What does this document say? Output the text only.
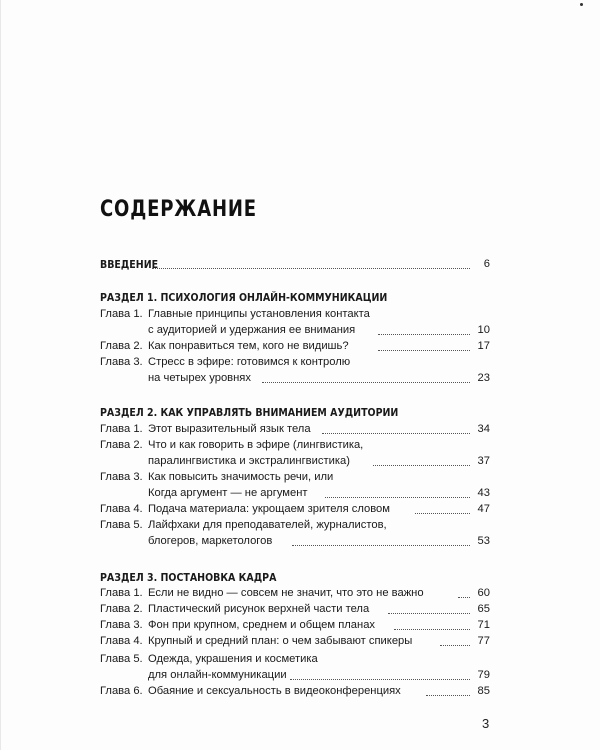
СОДЕРЖАНИЕ
ВВЕДЕНИЕ	6
РАЗДЕЛ 1. ПСИХОЛОГИЯ ОНЛАЙН-КОММУНИКАЦИИ
Глава 1. Главные принципы установления контакта
с аудиторией и удержания ее внимания	10
Глава 2. Как понравиться тем, кого не видишь?	17
Глава 3. Стресс в эфире: готовимся к контролю
на четырех уровнях	23
РАЗДЕЛ 2. КАК УПРАВЛЯТЬ ВНИМАНИЕМ АУДИТОРИИ
Глава 1. Этот выразительный язык тела	34
Глава 2. Что и как говорить в эфире (лингвистика,
паралингвистика и экстралингвистика)	37
Глава 3. Как повысить значимость речи, или
Когда аргумент — не аргумент	43
Глава 4. Подача материала: укрощаем зрителя словом	47
Глава 5. Лайфхаки для преподавателей, журналистов,
блогеров, маркетологов	53
РАЗДЕЛ 3. ПОСТАНОВКА КАДРА
Глава 1. Если не видно — совсем не значит, что это не важно	60
Глава 2. Пластический рисунок верхней части тела	65
Глава 3. Фон при крупном, среднем и общем планах	71
Глава 4. Крупный и средний план: о чем забывают спикеры	77
Глава 5. Одежда, украшения и косметика
для онлайн-коммуникации	79
Глава 6. Обаяние и сексуальность в видеоконференциях	85
3
